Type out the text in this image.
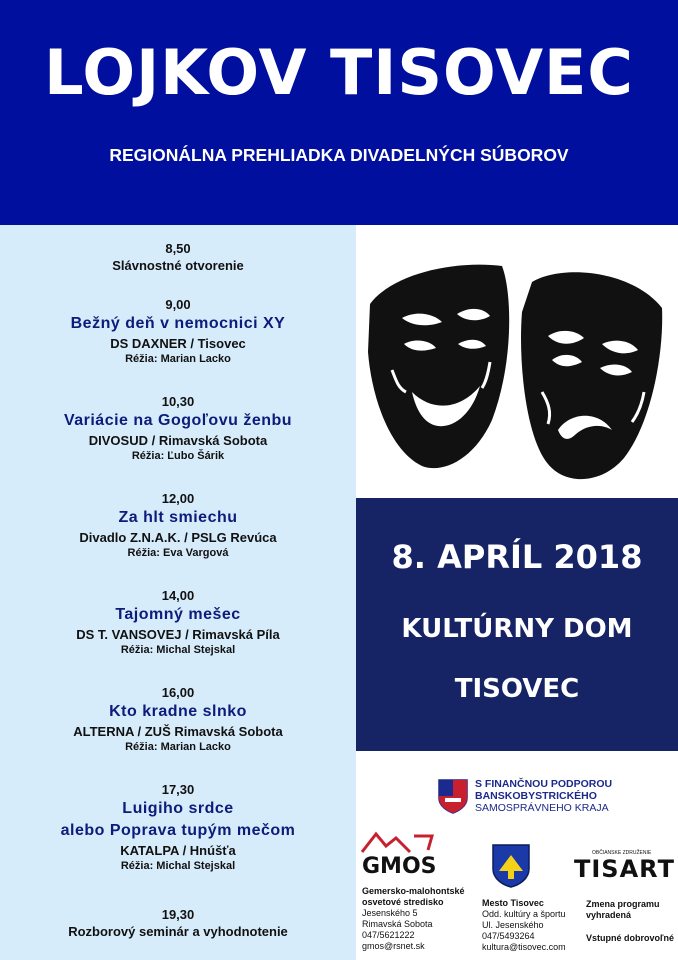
LOJKOV TISOVEC
REGIONÁLNA PREHLIADKA DIVADELNÝCH SÚBOROV
8,50
Slávnostné otvorenie
9,00
Bežný deň v nemocnici XY
DS DAXNER / Tisovec
Réžia: Marian Lacko
10,30
Variácie na Gogoľovu ženbu
DIVOSUD / Rimavská Sobota
Réžia: Ľubo Šárik
12,00
Za hlt smiechu
Divadlo Z.N.A.K. / PSLG Revúca
Réžia: Eva Vargová
14,00
Tajomný mešec
DS T. VANSOVEJ / Rimavská Píla
Réžia: Michal Stejskal
16,00
Kto kradne slnko
ALTERNA / ZUŠ Rimavská Sobota
Réžia: Marian Lacko
17,30
Luigiho srdce
alebo Poprava tupým mečom
KATALPA / Hnúšťa
Réžia: Michal Stejskal
19,30
Rozborový seminár a vyhodnotenie
8. APRÍL 2018
KULTÚRNY DOM
TISOVEC
S FINANČNOU PODPOROU
BANSKOBYSTRICKÉHO
SAMOSPRÁVNEHO KRAJA
GMOS
Gemersko-malohontské
osvetové stredisko
Jesenského 5
Rimavská Sobota
047/5621222
gmos@rsnet.sk
Mesto Tisovec
Odd. kultúry a športu
Ul. Jesenského
047/5493264
kultura@tisovec.com
OBČIANSKE ZDRUŽENIE
TISART
Zmena programu
vyhradená
Vstupné dobrovoľné
